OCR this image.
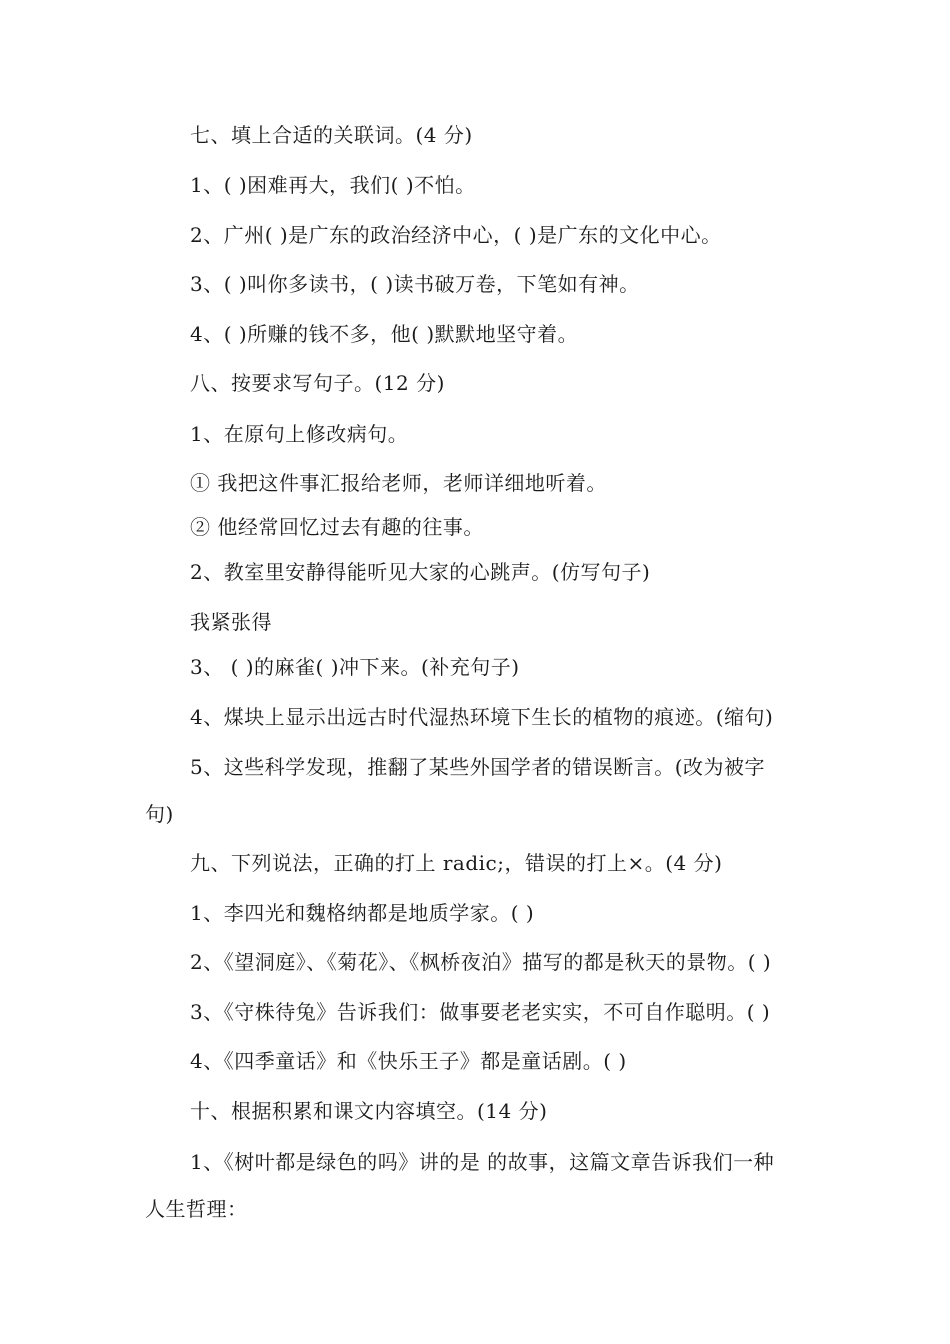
七、填上合适的关联词。(4 分)
1、( )困难再大，我们( )不怕。
2、广州( )是广东的政治经济中心，( )是广东的文化中心。
3、( )叫你多读书，( )读书破万卷，下笔如有神。
4、( )所赚的钱不多，他( )默默地坚守着。
八、按要求写句子。(12 分)
1、在原句上修改病句。
① 我把这件事汇报给老师，老师详细地听着。
② 他经常回忆过去有趣的往事。
2、教室里安静得能听见大家的心跳声。(仿写句子)
我紧张得
3、 ( )的麻雀( )冲下来。(补充句子)
4、煤块上显示出远古时代湿热环境下生长的植物的痕迹。(缩句)
5、这些科学发现，推翻了某些外国学者的错误断言。(改为被字
句)
九、下列说法，正确的打上 radic;，错误的打上×。(4 分)
1、李四光和魏格纳都是地质学家。( )
2、《望洞庭》、《菊花》、《枫桥夜泊》描写的都是秋天的景物。( )
3、《守株待兔》告诉我们：做事要老老实实，不可自作聪明。( )
4、《四季童话》和《快乐王子》都是童话剧。( )
十、根据积累和课文内容填空。(14 分)
1、《树叶都是绿色的吗》讲的是 的故事，这篇文章告诉我们一种
人生哲理：
